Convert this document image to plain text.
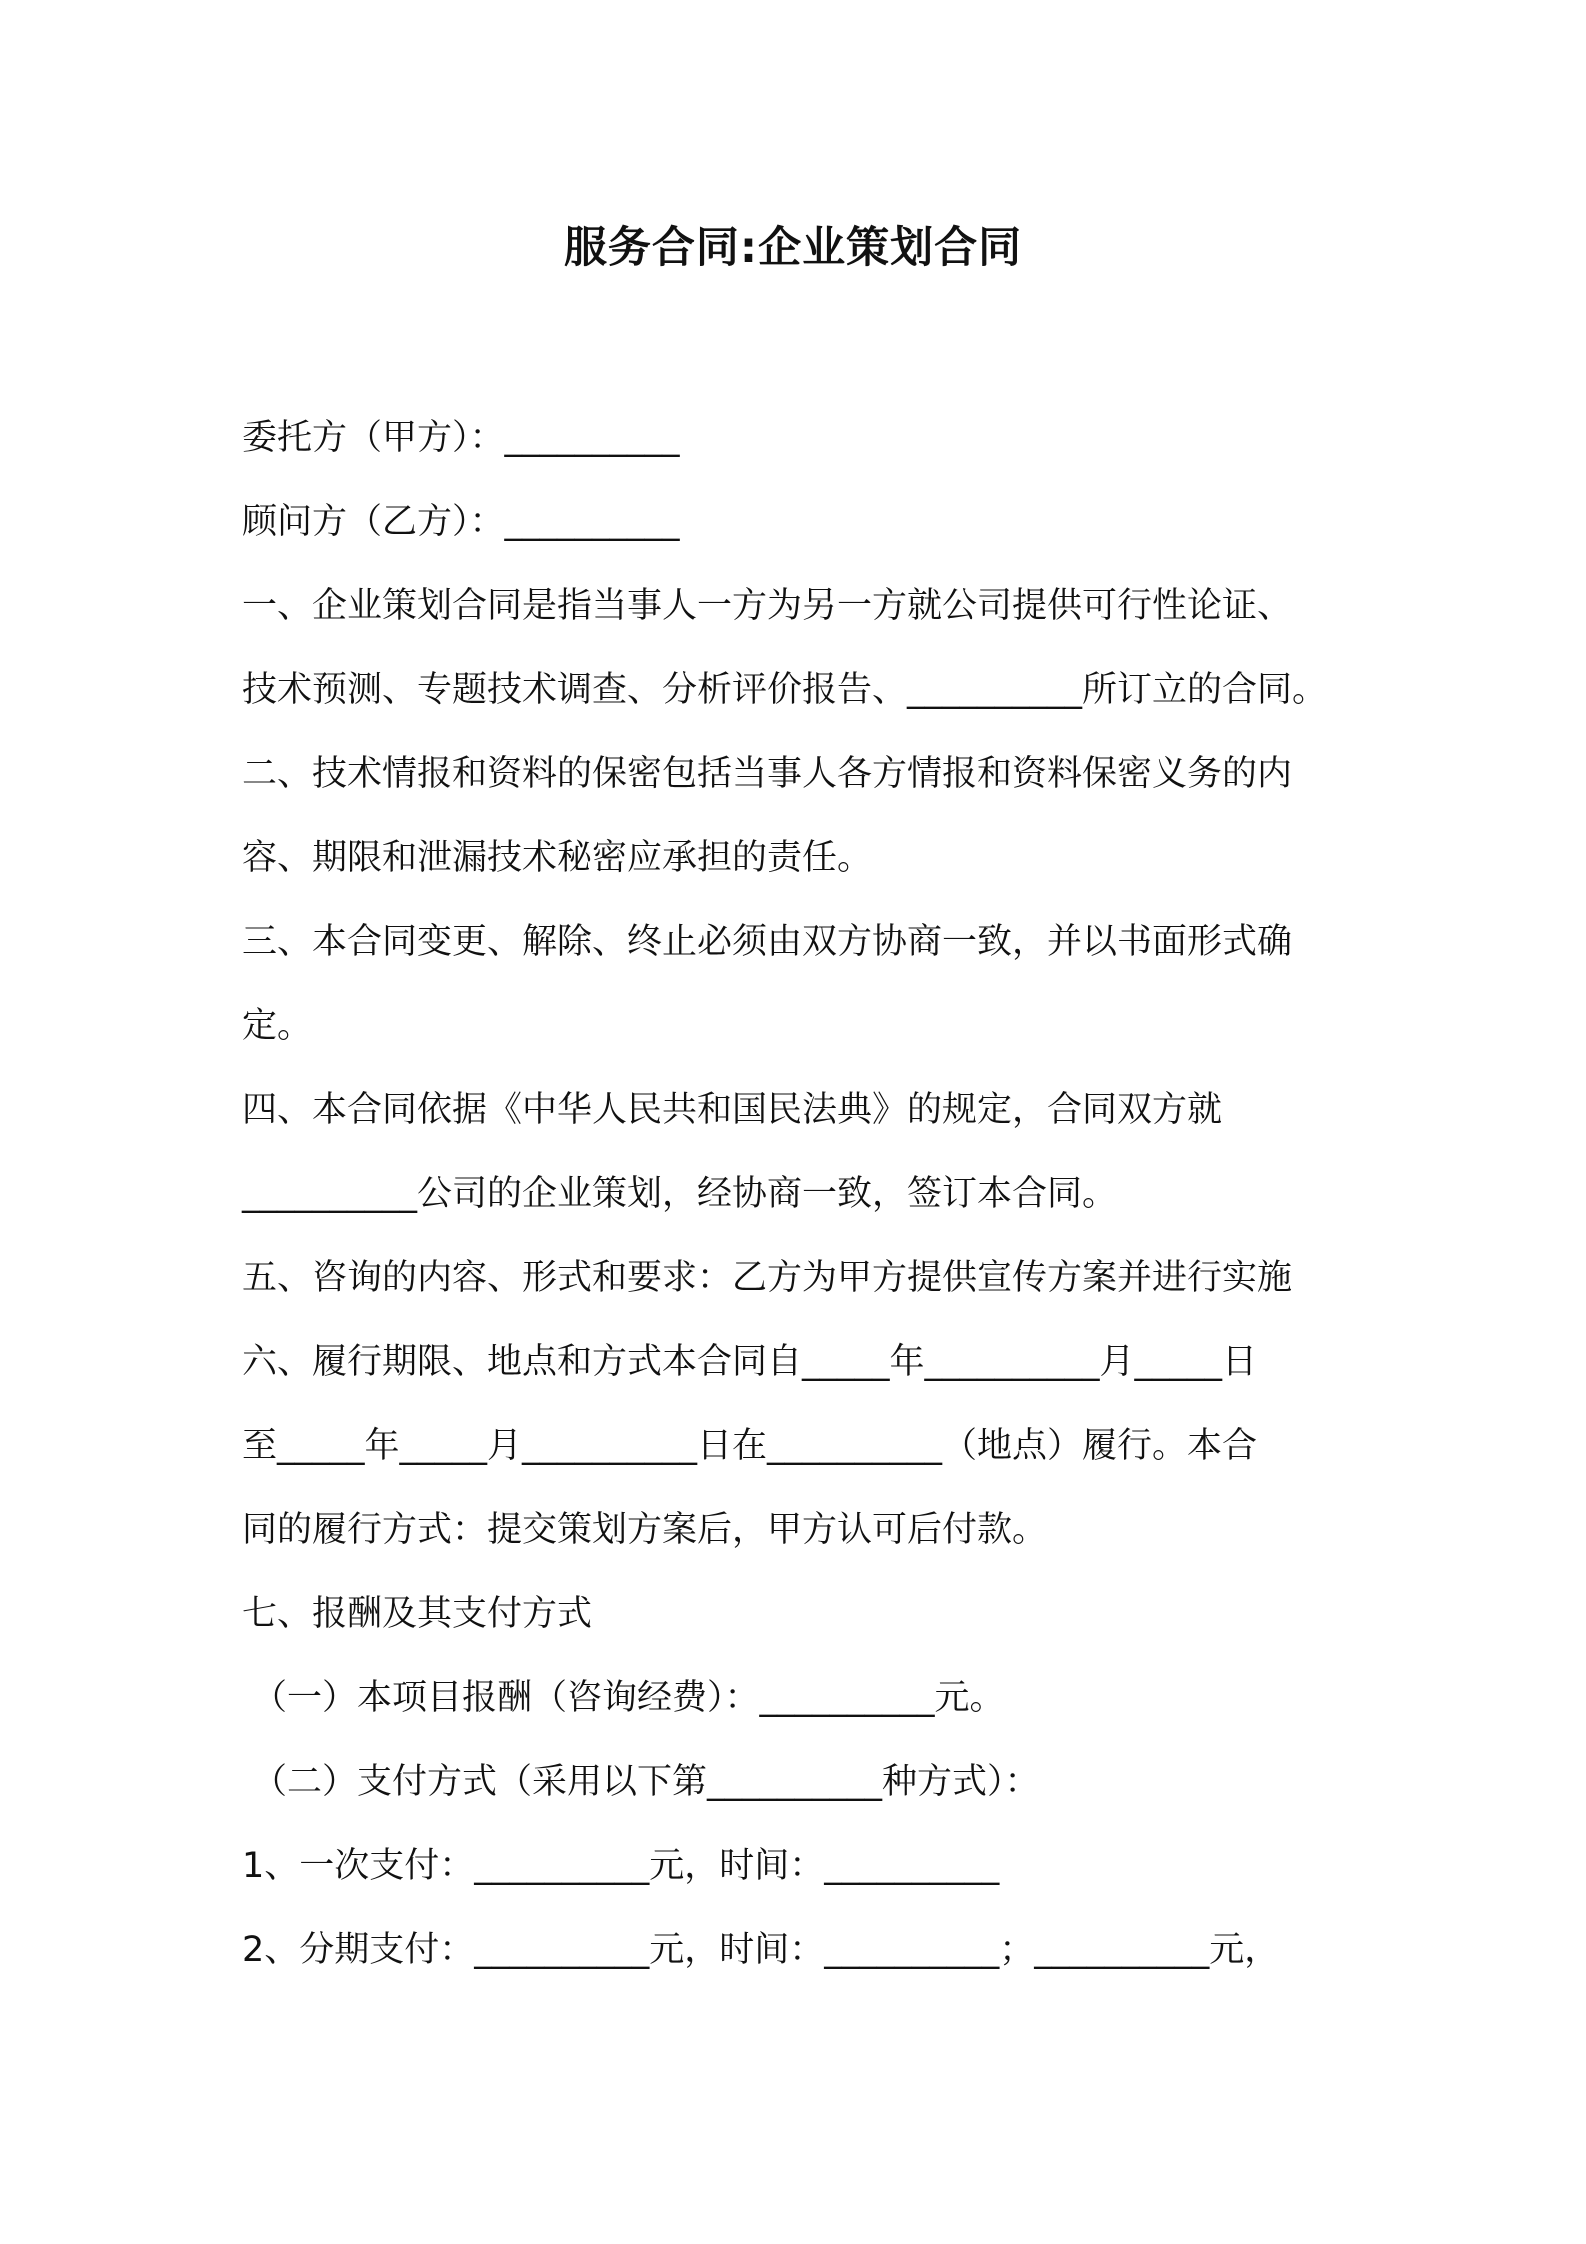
服务合同:企业策划合同
委托方（甲方）：__________
顾问方（乙方）：__________
一、企业策划合同是指当事人一方为另一方就公司提供可行性论证、
技术预测、专题技术调查、分析评价报告、__________所订立的合同。
二、技术情报和资料的保密包括当事人各方情报和资料保密义务的内
容、期限和泄漏技术秘密应承担的责任。
三、本合同变更、解除、终止必须由双方协商一致，并以书面形式确
定。
四、本合同依据《中华人民共和国民法典》的规定，合同双方就
__________公司的企业策划，经协商一致，签订本合同。
五、咨询的内容、形式和要求：乙方为甲方提供宣传方案并进行实施
六、履行期限、地点和方式本合同自_____年__________月_____日
至_____年_____月__________日在__________（地点）履行。本合
同的履行方式：提交策划方案后，甲方认可后付款。
七、报酬及其支付方式
（一）本项目报酬（咨询经费）：__________元。
（二）支付方式（采用以下第__________种方式）：
1、一次支付：__________元，时间：__________
2、分期支付：__________元，时间：__________；__________元，
